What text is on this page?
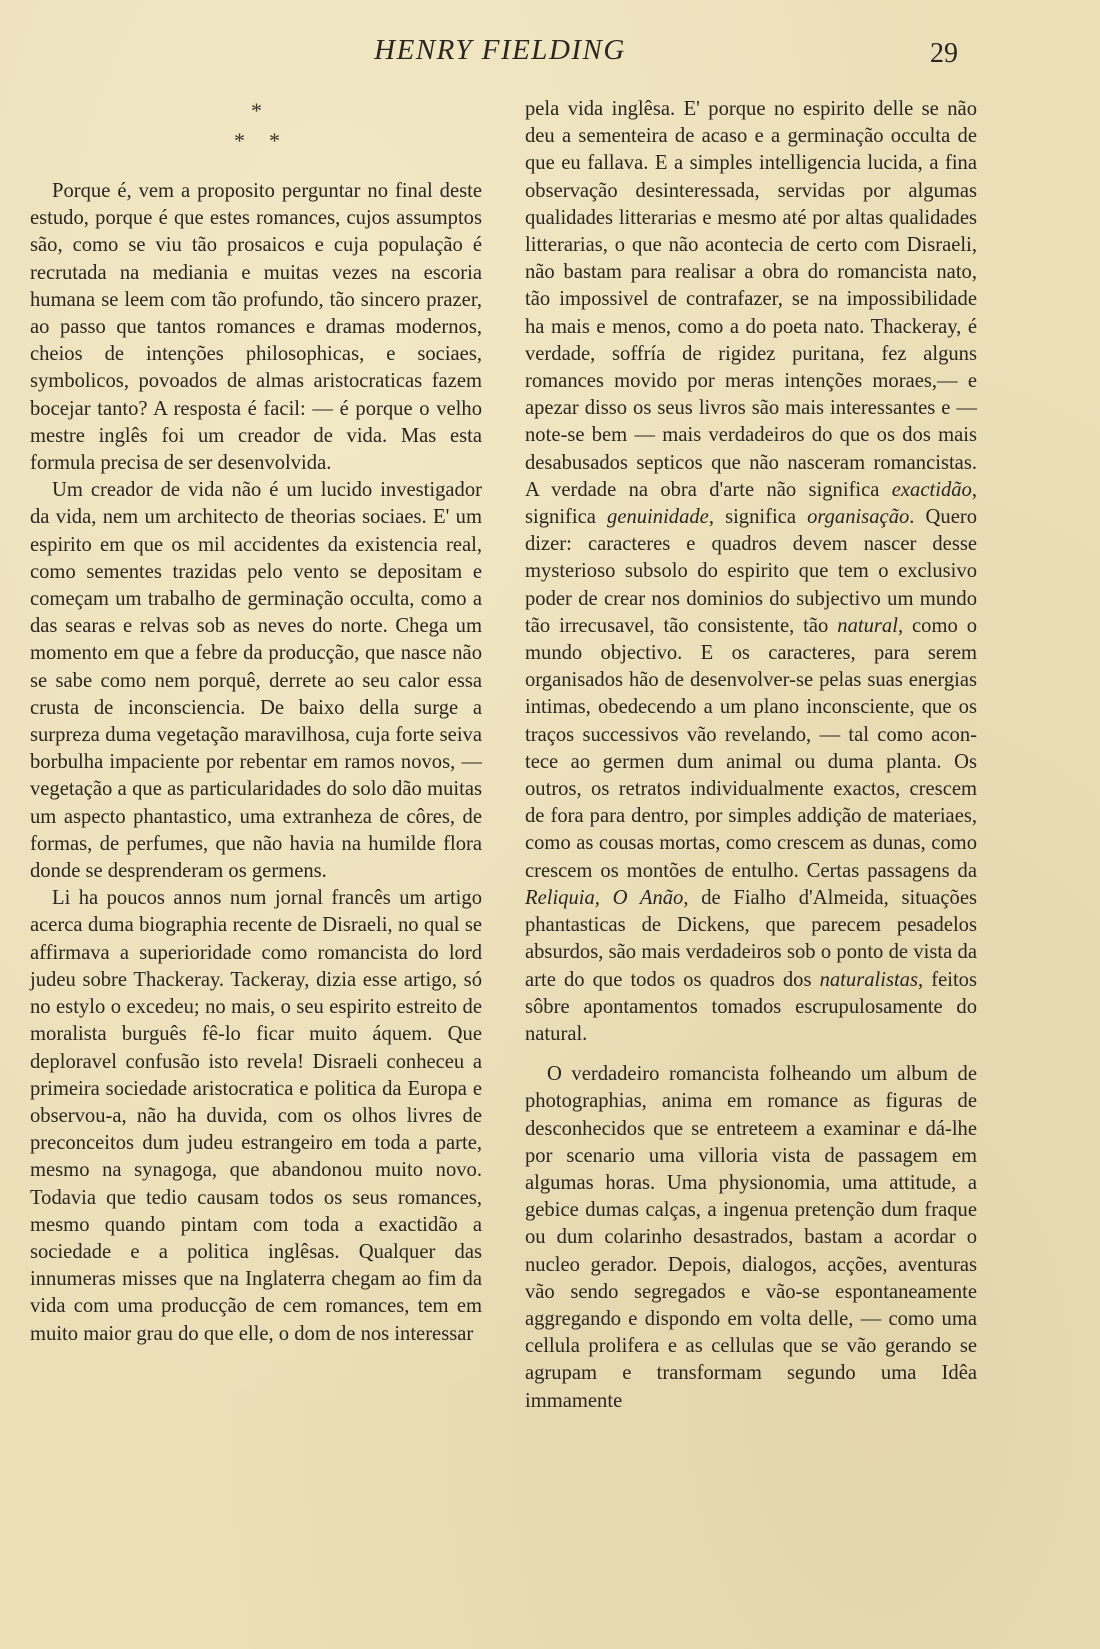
HENRY FIELDING	29
*
* *

Porque é, vem a proposito perguntar no final deste estudo, porque é que estes romances, cujos assumptos são, como se viu tão prosaicos e cuja população é recrutada na mediania e muitas vezes na escoria humana se leem com tão profundo, tão sincero prazer, ao passo que tantos romances e dramas modernos, cheios de intenções philosophicas, e sociaes, symbolicos, povoados de almas aristocraticas fazem bocejar tanto? A resposta é facil: — é porque o velho mestre inglês foi um creador de vida. Mas esta formula precisa de ser desenvolvida.

Um creador de vida não é um lucido investigador da vida, nem um architecto de theorias sociaes. E' um espirito em que os mil accidentes da existencia real, como sementes trazidas pelo vento se depositam e começam um trabalho de germinação occulta, como a das searas e relvas sob as neves do norte. Chega um momento em que a febre da producção, que nasce não se sabe como nem porquê, derrete ao seu calor essa crusta de inconsciencia. De baixo della surge a surpreza duma vegetação maravilhosa, cuja forte seiva borbulha impaciente por rebentar em ramos novos, — vegetação a que as particularidades do solo dão muitas um aspecto phantastico, uma extranheza de côres, de formas, de perfumes, que não havia na humilde flora donde se desprenderam os germens.

Li ha poucos annos num jornal francês um artigo acerca duma biographia recente de Disraeli, no qual se affirmava a superioridade como romancista do lord judeu sobre Thackeray. Tackeray, dizia esse artigo, só no estylo o excedeu; no mais, o seu espirito estreito de moralista burguês fê-lo ficar muito áquem. Que deploravel confusão isto revela! Disraeli conheceu a primeira sociedade aristocratica e politica da Europa e observou-a, não ha duvida, com os olhos livres de preconceitos dum judeu estrangeiro em toda a parte, mesmo na synagoga, que abandonou muito novo. Todavia que tedio causam todos os seus romances, mesmo quando pintam com toda a exactidão a sociedade e a politica inglêsas. Qualquer das innumeras misses que na Inglaterra chegam ao fim da vida com uma producção de cem romances, tem em muito maior grau do que elle, o dom de nos interessar

pela vida inglêsa. E' porque no espirito delle se não deu a sementeira de acaso e a germinação occulta de que eu fallava. E a simples intelligencia lucida, a fina observação desinteressada, servidas por algumas qualidades litterarias e mesmo até por altas qualidades litterarias, o que não acontecia de certo com Disraeli, não bastam para realisar a obra do romancista nato, tão impossivel de contrafazer, se na impossibilidade ha mais e menos, como a do poeta nato. Thackeray, é verdade, soffría de rigidez puritana, fez alguns romances movido por meras intenções moraes,— e apezar disso os seus livros são mais interessantes e — note-se bem — mais verdadeiros do que os dos mais desabusados septicos que não nasceram romancistas. A verdade na obra d'arte não significa exactidão, significa genuinidade, significa organisação. Quero dizer: caracteres e quadros devem nascer desse mysterioso subsolo do espirito que tem o exclusivo poder de crear nos dominios do subjectivo um mundo tão irrecusavel, tão consistente, tão natural, como o mundo objectivo. E os caracteres, para serem organisados hão de desenvolver-se pelas suas energias intimas, obedecendo a um plano inconsciente, que os traços successivos vão revelando, — tal como acontece ao germen dum animal ou duma planta. Os outros, os retratos individualmente exactos, crescem de fora para dentro, por simples addição de materiaes, como as cousas mortas, como crescem as dunas, como crescem os montões de entulho. Certas passagens da Reliquia, O Anão, de Fialho d'Almeida, situações phantasticas de Dickens, que parecem pesadelos absurdos, são mais verdadeiros sob o ponto de vista da arte do que todos os quadros dos naturalistas, feitos sôbre apontamentos tomados escrupulosamente do natural.

O verdadeiro romancista folheando um album de photographias, anima em romance as figuras de desconhecidos que se entreteem a examinar e dá-lhe por scenario uma villoria vista de passagem em algumas horas. Uma physionomia, uma attitude, a gebice dumas calças, a ingenua pretenção dum fraque ou dum colarinho desastrados, bastam a acordar o nucleo gerador. Depois, dialogos, acções, aventuras vão sendo segregados e vão-se espontaneamente aggregando e dispondo em volta delle, — como uma cellula prolifera e as cellulas que se vão gerando se agrupam e transformam segundo uma Idêa immamente
